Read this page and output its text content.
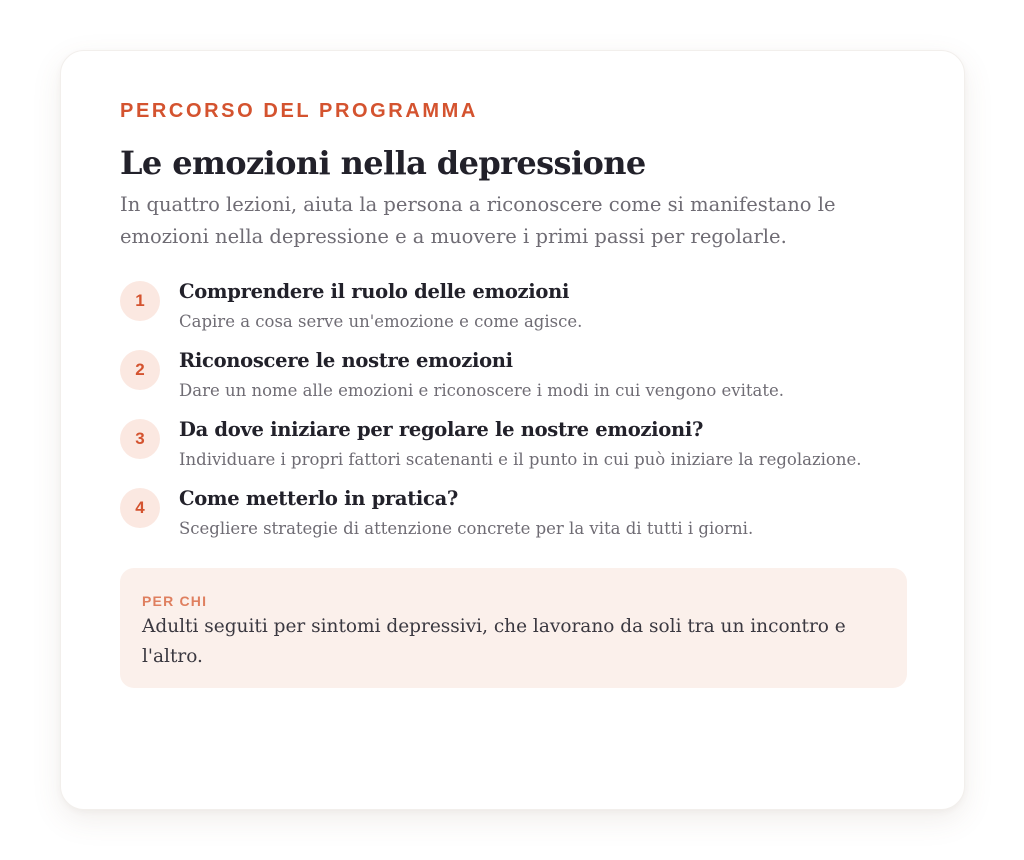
PERCORSO DEL PROGRAMMA

Le emozioni nella depressione

In quattro lezioni, aiuta la persona a riconoscere come si manifestano le emozioni nella depressione e a muovere i primi passi per regolarle.

1	Comprendere il ruolo delle emozioni

Capire a cosa serve un'emozione e come agisce.

2	Riconoscere le nostre emozioni

Dare un nome alle emozioni e riconoscere i modi in cui vengono evitate.

3	Da dove iniziare per regolare le nostre emozioni?

Individuare i propri fattori scatenanti e il punto in cui può iniziare la regolazione.

4	Come metterlo in pratica?

Scegliere strategie di attenzione concrete per la vita di tutti i giorni.

PER CHI

Adulti seguiti per sintomi depressivi, che lavorano da soli tra un incontro e l'altro.
